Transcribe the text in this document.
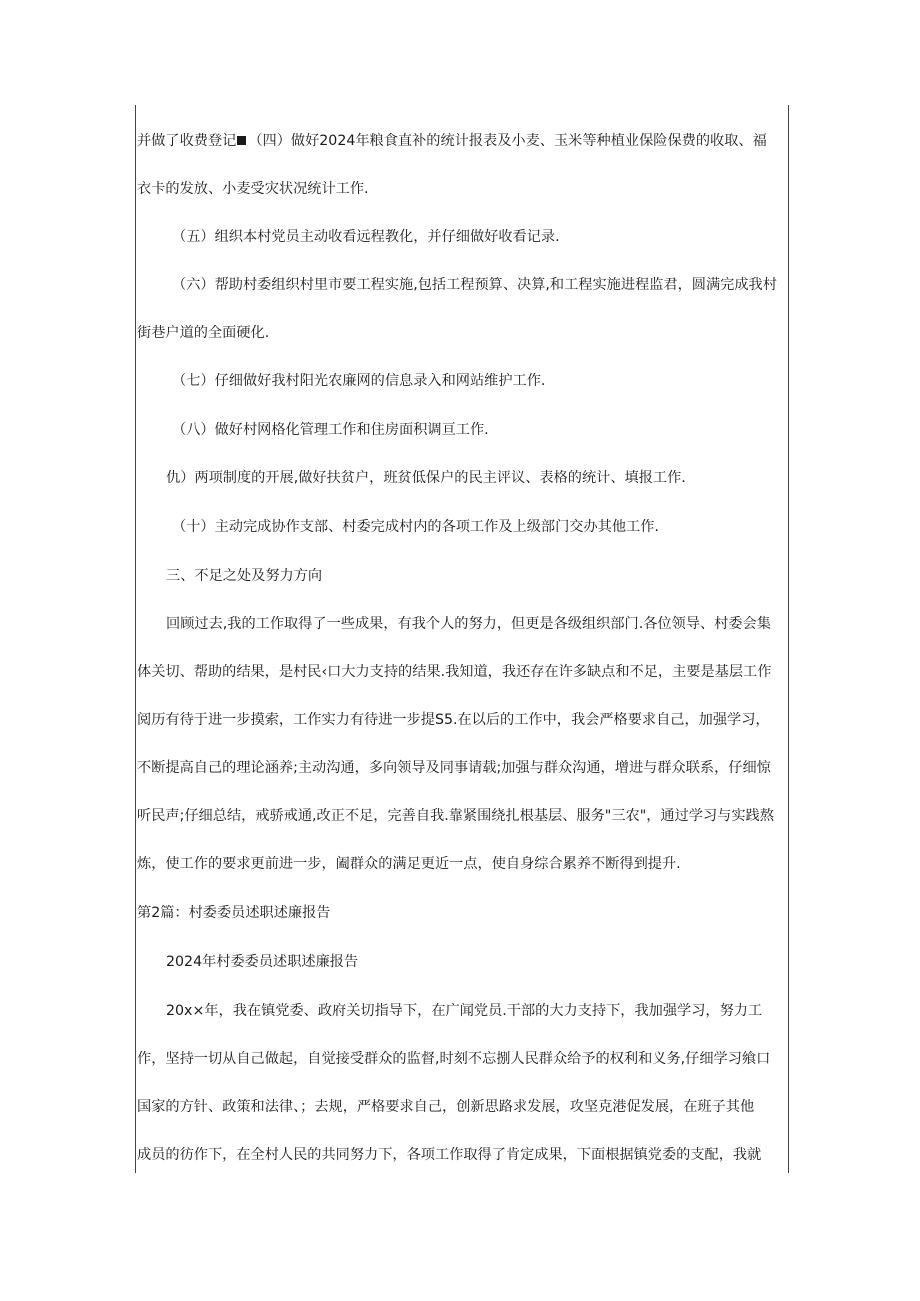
并做了收费登记 （四）做好2024年粮食直补的统计报表及小麦、玉米等种植业保险保费的收取、福
衣卡的发放、小麦受灾状况统计工作.
（五）组织本村党员主动收看远程教化，并仔细做好收看记录.
（六）帮助村委组织村里市要工程实施,包括工程预算、决算,和工程实施进程监君，圆满完成我村
街巷户道的全面硬化.
（七）仔细做好我村阳光农廉网的信息录入和网站维护工作.
（八）做好村网格化管理工作和住房面积调亘工作.
仇）两项制度的开展,做好扶贫户，班贫低保户的民主评议、表格的统计、填报工作.
（十）主动完成协作支部、村委完成村内的各项工作及上级部门交办其他工作.
三、不足之处及努力方向
回顾过去,我的工作取得了一些成果，有我个人的努力，但更是各级组织部门.各位领导、村委会集
体关切、帮助的结果，是村民‹口大力支持的结果.我知道，我还存在许多缺点和不足，主要是基层工作
阅历有待于进一步摸索，工作实力有待进一步提S5.在以后的工作中，我会严格要求自己，加强学习，
不断提高自己的理论涵养;主动沟通，多向领导及同事请载;加强与群众沟通，增进与群众联系，仔细惊
听民声;仔细总结，戒骄戒通,改正不足，完善自我.靠紧围绕扎根基层、服务"三农"，通过学习与实践熬
炼，使工作的要求更前进一步，阖群众的满足更近一点，使自身综合累养不断得到提升.
第2篇：村委委员述职述廉报告
2024年村委委员述职述廉报告
20x×年，我在镇党委、政府关切指导下，在广闻党员.干部的大力支持下，我加强学习，努力工
作，坚持一切从自己做起，自觉接受群众的监督,时刻不忘捌人民群众给予的权利和义务,仔细学习飨口
国家的方针、政策和法律、；去规，严格要求自己，创新思路求发展，攻坚克港促发展，在班子其他
成员的彷作下，在全村人民的共同努力下，各项工作取得了肯定成果，下面根据镇党委的支配，我就
